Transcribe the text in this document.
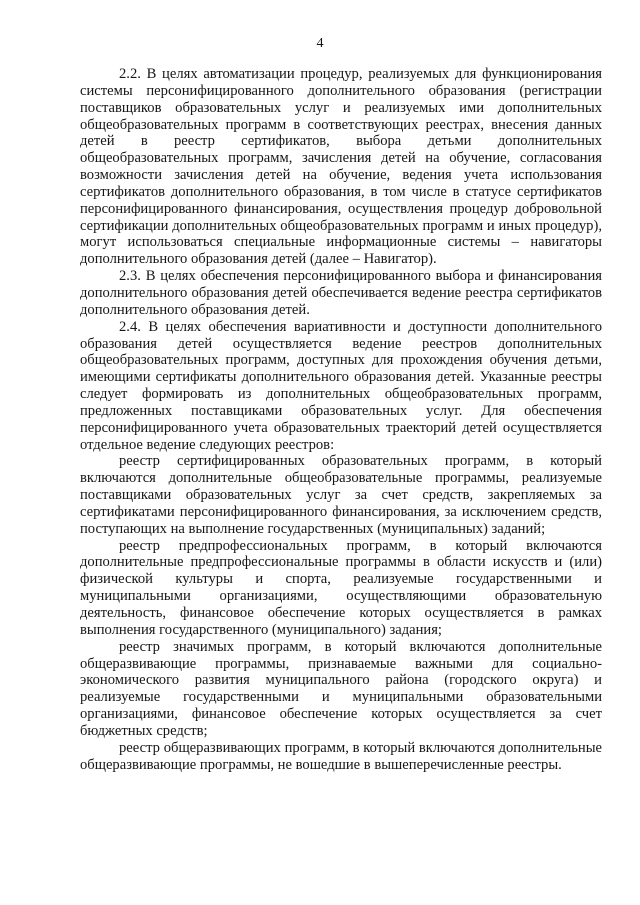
4

2.2. В целях автоматизации процедур, реализуемых для функционирования системы персонифицированного дополнительного образования (регистрации поставщиков образовательных услуг и реализуемых ими дополнительных общеобразовательных программ в соответствующих реестрах, внесения данных детей в реестр сертификатов, выбора детьми дополнительных общеобразовательных программ, зачисления детей на обучение, согласования возможности зачисления детей на обучение, ведения учета использования сертификатов дополнительного образования, в том числе в статусе сертификатов персонифицированного финансирования, осуществления процедур добровольной сертификации дополнительных общеобразовательных программ и иных процедур), могут использоваться специальные информационные системы – навигаторы дополнительного образования детей (далее – Навигатор).

2.3. В целях обеспечения персонифицированного выбора и финансирования дополнительного образования детей обеспечивается ведение реестра сертификатов дополнительного образования детей.

2.4. В целях обеспечения вариативности и доступности дополнительного образования детей осуществляется ведение реестров дополнительных общеобразовательных программ, доступных для прохождения обучения детьми, имеющими сертификаты дополнительного образования детей. Указанные реестры следует формировать из дополнительных общеобразовательных программ, предложенных поставщиками образовательных услуг. Для обеспечения персонифицированного учета образовательных траекторий детей осуществляется отдельное ведение следующих реестров:

реестр сертифицированных образовательных программ, в который включаются дополнительные общеобразовательные программы, реализуемые поставщиками образовательных услуг за счет средств, закрепляемых за сертификатами персонифицированного финансирования, за исключением средств, поступающих на выполнение государственных (муниципальных) заданий;

реестр предпрофессиональных программ, в который включаются дополнительные предпрофессиональные программы в области искусств и (или) физической культуры и спорта, реализуемые государственными и муниципальными организациями, осуществляющими образовательную деятельность, финансовое обеспечение которых осуществляется в рамках выполнения государственного (муниципального) задания;

реестр значимых программ, в который включаются дополнительные общеразвивающие программы, признаваемые важными для социально-экономического развития муниципального района (городского округа) и реализуемые государственными и муниципальными образовательными организациями, финансовое обеспечение которых осуществляется за счет бюджетных средств;

реестр общеразвивающих программ, в который включаются дополнительные общеразвивающие программы, не вошедшие в вышеперечисленные реестры.
